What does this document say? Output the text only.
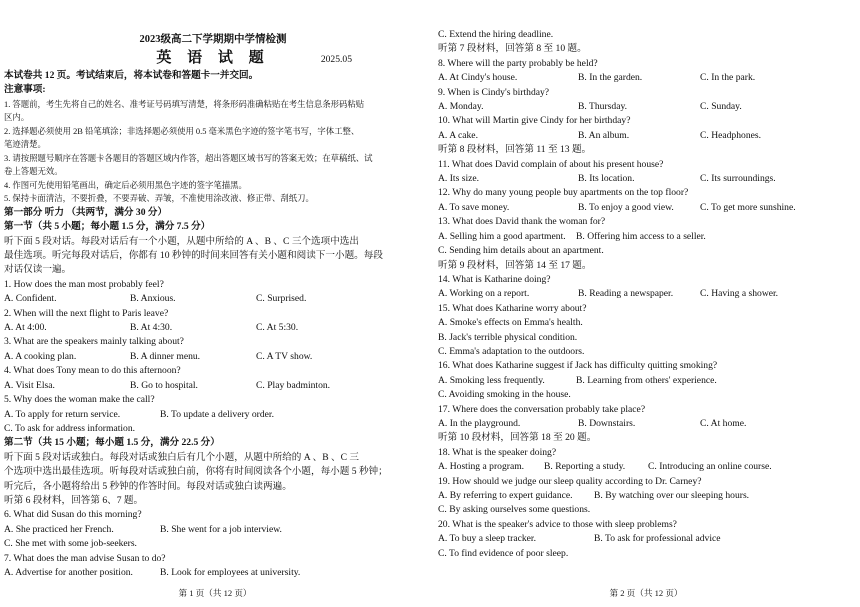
2023级高二下学期期中学情检测
英 语 试 题	2025.05
本试卷共 12 页。考试结束后，将本试卷和答题卡一并交回。
注意事项:
1. 答题前，考生先将自己的姓名、准考证号码填写清楚，将条形码准确粘贴在考生信息条形码粘贴
区内。
2. 选择题必须使用 2B 铅笔填涂；非选择题必须使用 0.5 毫米黑色字迹的签字笔书写，字体工整、
笔迹清楚。
3. 请按照题号顺序在答题卡各题目的答题区域内作答，超出答题区域书写的答案无效；在草稿纸、试
卷上答题无效。
4. 作图可先使用铅笔画出，确定后必须用黑色字迹的签字笔描黑。
5. 保持卡面清洁，不要折叠，不要弄破、弄皱，不准使用涂改液、修正带、刮纸刀。
第一部分 听力 （共两节，满分 30 分）
第一节（共 5 小题；每小题 1.5 分，满分 7.5 分）
听下面 5 段对话。每段对话后有一个小题，从题中所给的 A 、B 、C 三个选项中选出
最佳选项。听完每段对话后，你都有 10 秒钟的时间来回答有关小题和阅读下一小题。每段
对话仅读一遍。
1. How does the man most probably feel?
A. Confident.	B. Anxious.	C. Surprised.
2. When will the next flight to Paris leave?
A. At 4:00.	B. At 4:30.	C. At 5:30.
3. What are the speakers mainly talking about?
A. A cooking plan.	B. A dinner menu.	C. A TV show.
4. What does Tony mean to do this afternoon?
A. Visit Elsa.	B. Go to hospital.	C. Play badminton.
5. Why does the woman make the call?
A. To apply for return service.	B. To update a delivery order.
C. To ask for address information.
第二节（共 15 小题；每小题 1.5 分，满分 22.5 分）
听下面 5 段对话或独白。每段对话或独白后有几个小题，从题中所给的 A 、B 、C 三
个选项中选出最佳选项。听每段对话或独白前，你将有时间阅读各个小题，每小题 5 秒钟；
听完后，各小题将给出 5 秒钟的作答时间。每段对话或独白读两遍。
听第 6 段材料，回答第 6、7 题。
6. What did Susan do this morning?
A. She practiced her French.	B. She went for a job interview.
C. She met with some job-seekers.
7. What does the man advise Susan to do?
A. Advertise for another position.	B. Look for employees at university.
第 1 页（共 12 页）
C. Extend the hiring deadline.
听第 7 段材料，回答第 8 至 10 题。
8. Where will the party probably be held?
A. At Cindy's house.	B. In the garden.	C. In the park.
9. When is Cindy's birthday?
A. Monday.	B. Thursday.	C. Sunday.
10. What will Martin give Cindy for her birthday?
A. A cake.	B. An album.	C. Headphones.
听第 8 段材料，回答第 11 至 13 题。
11. What does David complain of about his present house?
A. Its size.	B. Its location.	C. Its surroundings.
12. Why do many young people buy apartments on the top floor?
A. To save money.	B. To enjoy a good view.	C. To get more sunshine.
13. What does David thank the woman for?
A. Selling him a good apartment.	B. Offering him access to a seller.
C. Sending him details about an apartment.
听第 9 段材料，回答第 14 至 17 题。
14. What is Katharine doing?
A. Working on a report.	B. Reading a newspaper.	C. Having a shower.
15. What does Katharine worry about?
A. Smoke's effects on Emma's health.
B. Jack's terrible physical condition.
C. Emma's adaptation to the outdoors.
16. What does Katharine suggest if Jack has difficulty quitting smoking?
A. Smoking less frequently.	B. Learning from others' experience.
C. Avoiding smoking in the house.
17. Where does the conversation probably take place?
A. In the playground.	B. Downstairs.	C. At home.
听第 10 段材料，回答第 18 至 20 题。
18. What is the speaker doing?
A. Hosting a program.	B. Reporting a study.	C. Introducing an online course.
19. How should we judge our sleep quality according to Dr. Carney?
A. By referring to expert guidance.	B. By watching over our sleeping hours.
C. By asking ourselves some questions.
20. What is the speaker's advice to those with sleep problems?
A. To buy a sleep tracker.	B. To ask for professional advice
C. To find evidence of poor sleep.
第 2 页（共 12 页）
